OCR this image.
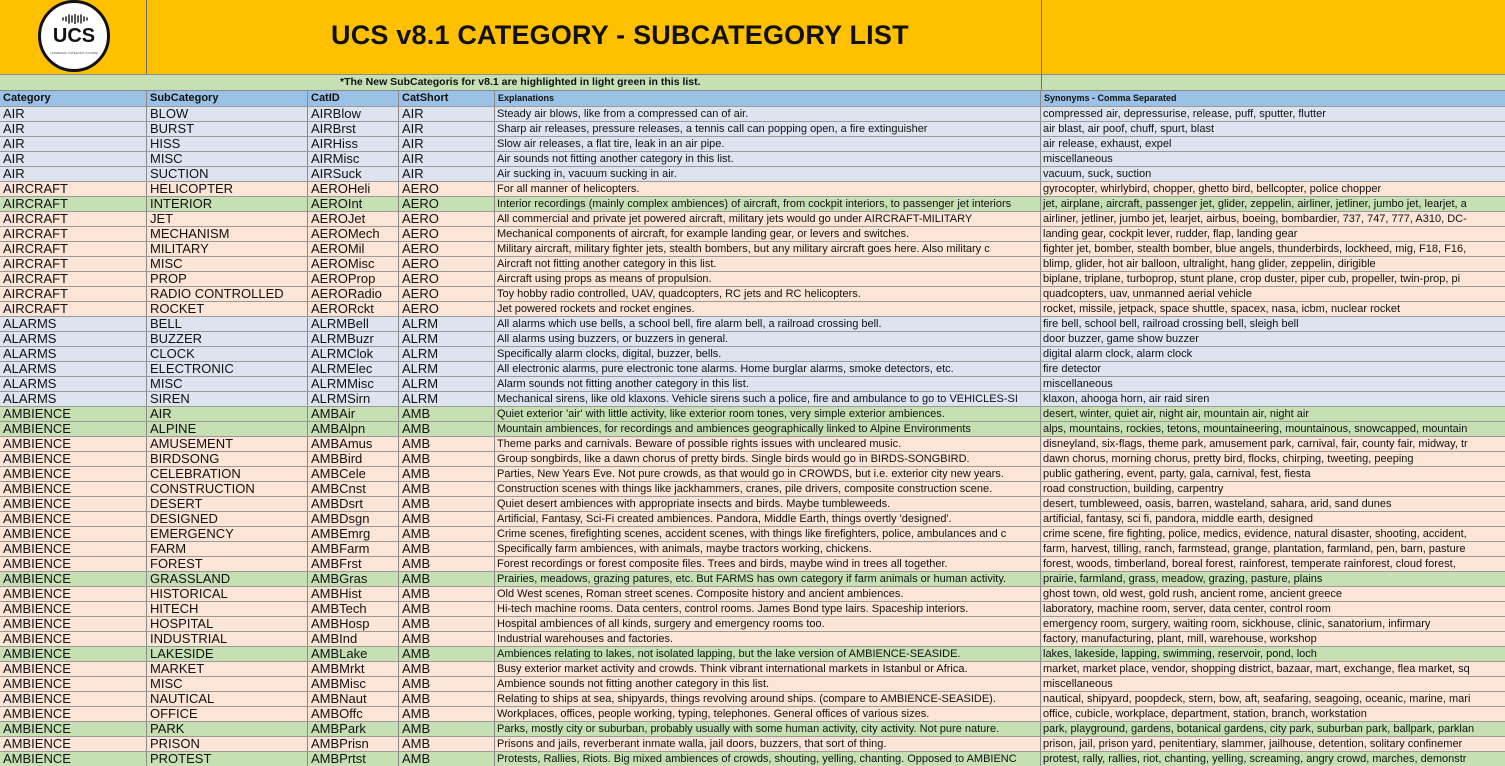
UCS
UNIVERSAL CATEGORY SYSTEM
UCS v8.1 CATEGORY - SUBCATEGORY LIST
*The New SubCategoris for v8.1 are highlighted in light green in this list.
Category	SubCategory	CatID	CatShort	Explanations	Synonyms - Comma Separated
AIR	BLOW	AIRBlow	AIR	Steady air blows, like from a compressed can of air.	compressed air, depressurise, release, puff, sputter, flutter
AIR	BURST	AIRBrst	AIR	Sharp air releases, pressure releases, a tennis call can popping open, a fire extinguisher	air blast, air poof, chuff, spurt, blast
AIR	HISS	AIRHiss	AIR	Slow air releases, a flat tire, leak in an air pipe.	air release, exhaust, expel
AIR	MISC	AIRMisc	AIR	Air sounds not fitting another category in this list.	miscellaneous
AIR	SUCTION	AIRSuck	AIR	Air sucking in, vacuum sucking in air.	vacuum, suck, suction
AIRCRAFT	HELICOPTER	AEROHeli	AERO	For all manner of helicopters.	gyrocopter, whirlybird, chopper, ghetto bird, bellcopter, police chopper
AIRCRAFT	INTERIOR	AEROInt	AERO	Interior recordings (mainly complex ambiences) of aircraft, from cockpit interiors, to passenger jet interiors	jet, airplane, aircraft, passenger jet, glider, zeppelin, airliner, jetliner, jumbo jet, learjet, a
AIRCRAFT	JET	AEROJet	AERO	All commercial and private jet powered aircraft, military jets would go under AIRCRAFT-MILITARY	airliner, jetliner, jumbo jet, learjet, airbus, boeing, bombardier, 737, 747, 777, A310, DC-
AIRCRAFT	MECHANISM	AEROMech	AERO	Mechanical components of aircraft, for example landing gear, or levers and switches.	landing gear, cockpit lever, rudder, flap, landing gear
AIRCRAFT	MILITARY	AEROMil	AERO	Military aircraft, military fighter jets, stealth bombers, but any military aircraft goes here. Also military c	fighter jet, bomber, stealth bomber, blue angels, thunderbirds, lockheed, mig, F18, F16,
AIRCRAFT	MISC	AEROMisc	AERO	Aircraft not fitting another category in this list.	blimp, glider, hot air balloon, ultralight, hang glider, zeppelin, dirigible
AIRCRAFT	PROP	AEROProp	AERO	Aircraft using props as means of propulsion.	biplane, triplane, turboprop, stunt plane, crop duster, piper cub, propeller, twin-prop, pi
AIRCRAFT	RADIO CONTROLLED	AERORadio	AERO	Toy hobby radio controlled, UAV, quadcopters, RC jets and RC helicopters.	quadcopters, uav, unmanned aerial vehicle
AIRCRAFT	ROCKET	AERORckt	AERO	Jet powered rockets and rocket engines.	rocket, missile, jetpack, space shuttle, spacex, nasa, icbm, nuclear rocket
ALARMS	BELL	ALRMBell	ALRM	All alarms which use bells, a school bell, fire alarm bell, a railroad crossing bell.	fire bell, school bell, railroad crossing bell, sleigh bell
ALARMS	BUZZER	ALRMBuzr	ALRM	All alarms using buzzers, or buzzers in general.	door buzzer, game show buzzer
ALARMS	CLOCK	ALRMClok	ALRM	Specifically alarm clocks, digital, buzzer, bells.	digital alarm clock, alarm clock
ALARMS	ELECTRONIC	ALRMElec	ALRM	All electronic alarms, pure electronic tone alarms. Home burglar alarms, smoke detectors, etc.	fire detector
ALARMS	MISC	ALRMMisc	ALRM	Alarm sounds not fitting another category in this list.	miscellaneous
ALARMS	SIREN	ALRMSirn	ALRM	Mechanical sirens, like old klaxons. Vehicle sirens such a police, fire and ambulance to go to VEHICLES-SI	klaxon, ahooga horn, air raid siren
AMBIENCE	AIR	AMBAir	AMB	Quiet exterior 'air' with little activity, like exterior room tones, very simple exterior ambiences.	desert, winter, quiet air, night air, mountain air, night air
AMBIENCE	ALPINE	AMBAlpn	AMB	Mountain ambiences, for recordings and ambiences geographically linked to Alpine Environments	alps, mountains, rockies, tetons, mountaineering, mountainous, snowcapped, mountain
AMBIENCE	AMUSEMENT	AMBAmus	AMB	Theme parks and carnivals. Beware of possible rights issues with uncleared music.	disneyland, six-flags, theme park, amusement park, carnival, fair, county fair, midway, tr
AMBIENCE	BIRDSONG	AMBBird	AMB	Group songbirds, like a dawn chorus of pretty birds. Single birds would go in BIRDS-SONGBIRD.	dawn chorus, morning chorus, pretty bird, flocks, chirping, tweeting, peeping
AMBIENCE	CELEBRATION	AMBCele	AMB	Parties, New Years Eve. Not pure crowds, as that would go in CROWDS, but i.e. exterior city new years.	public gathering, event, party, gala, carnival, fest, fiesta
AMBIENCE	CONSTRUCTION	AMBCnst	AMB	Construction scenes with things like jackhammers, cranes, pile drivers, composite construction scene.	road construction, building, carpentry
AMBIENCE	DESERT	AMBDsrt	AMB	Quiet desert ambiences with appropriate insects and birds. Maybe tumbleweeds.	desert, tumbleweed, oasis, barren, wasteland, sahara, arid, sand dunes
AMBIENCE	DESIGNED	AMBDsgn	AMB	Artificial, Fantasy, Sci-Fi created ambiences. Pandora, Middle Earth, things overtly 'designed'.	artificial, fantasy, sci fi, pandora, middle earth, designed
AMBIENCE	EMERGENCY	AMBEmrg	AMB	Crime scenes, firefighting scenes, accident scenes, with things like firefighters, police, ambulances and c	crime scene, fire fighting, police, medics, evidence, natural disaster, shooting, accident,
AMBIENCE	FARM	AMBFarm	AMB	Specifically farm ambiences, with animals, maybe tractors working, chickens.	farm, harvest, tilling, ranch, farmstead, grange, plantation, farmland, pen, barn, pasture
AMBIENCE	FOREST	AMBFrst	AMB	Forest recordings or forest composite files. Trees and birds, maybe wind in trees all together.	forest, woods, timberland, boreal forest, rainforest, temperate rainforest, cloud forest,
AMBIENCE	GRASSLAND	AMBGras	AMB	Prairies, meadows, grazing patures, etc. But FARMS has own category if farm animals or human activity.	prairie, farmland, grass, meadow, grazing, pasture, plains
AMBIENCE	HISTORICAL	AMBHist	AMB	Old West scenes, Roman street scenes. Composite history and ancient ambiences.	ghost town, old west, gold rush, ancient rome, ancient greece
AMBIENCE	HITECH	AMBTech	AMB	Hi-tech machine rooms. Data centers, control rooms. James Bond type lairs. Spaceship interiors.	laboratory, machine room, server, data center, control room
AMBIENCE	HOSPITAL	AMBHosp	AMB	Hospital ambiences of all kinds, surgery and emergency rooms too.	emergency room, surgery, waiting room, sickhouse, clinic, sanatorium, infirmary
AMBIENCE	INDUSTRIAL	AMBInd	AMB	Industrial warehouses and factories.	factory, manufacturing, plant, mill, warehouse, workshop
AMBIENCE	LAKESIDE	AMBLake	AMB	Ambiences relating to lakes, not isolated lapping, but the lake version of AMBIENCE-SEASIDE.	lakes, lakeside, lapping, swimming, reservoir, pond, loch
AMBIENCE	MARKET	AMBMrkt	AMB	Busy exterior market activity and crowds. Think vibrant international markets in Istanbul or Africa.	market, market place, vendor, shopping district, bazaar, mart, exchange, flea market, sq
AMBIENCE	MISC	AMBMisc	AMB	Ambience sounds not fitting another category in this list.	miscellaneous
AMBIENCE	NAUTICAL	AMBNaut	AMB	Relating to ships at sea, shipyards, things revolving around ships. (compare to AMBIENCE-SEASIDE).	nautical, shipyard, poopdeck, stern, bow, aft, seafaring, seagoing, oceanic, marine, mari
AMBIENCE	OFFICE	AMBOffc	AMB	Workplaces, offices, people working, typing, telephones. General offices of various sizes.	office, cubicle, workplace, department, station, branch, workstation
AMBIENCE	PARK	AMBPark	AMB	Parks, mostly city or suburban, probably usually with some human activity, city activity. Not pure nature.	park, playground, gardens, botanical gardens, city park, suburban park, ballpark, parklan
AMBIENCE	PRISON	AMBPrisn	AMB	Prisons and jails, reverberant inmate walla, jail doors, buzzers, that sort of thing.	prison, jail, prison yard, penitentiary, slammer, jailhouse, detention, solitary confinemer
AMBIENCE	PROTEST	AMBPrtst	AMB	Protests, Rallies, Riots. Big mixed ambiences of crowds, shouting, yelling, chanting. Opposed to AMBIENC	protest, rally, rallies, riot, chanting, yelling, screaming, angry crowd, marches, demonstr
